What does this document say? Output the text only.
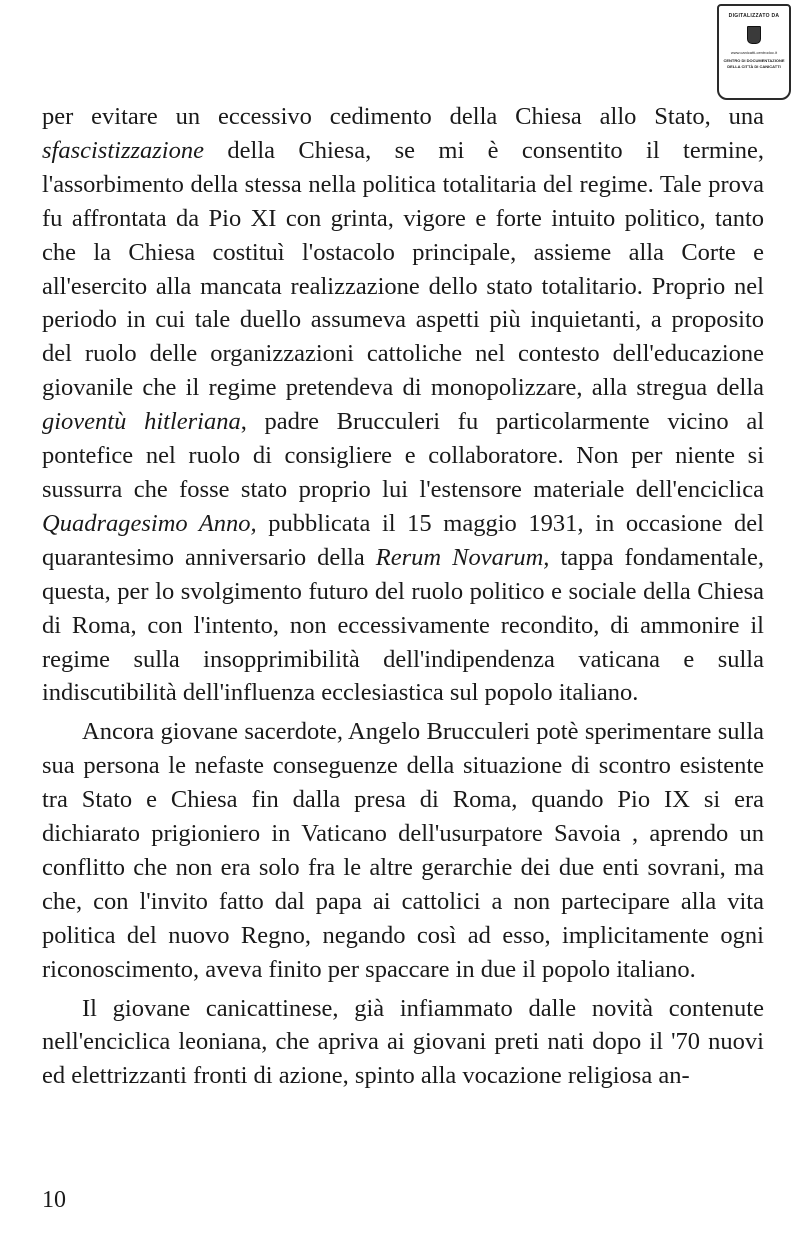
DIGITALIZZATO DA
www.canicatti-centrodoc.it
CENTRO DI DOCUMENTAZIONE
DELLA CITTÀ DI CANICATTI

per evitare un eccessivo cedimento della Chiesa allo Stato, una sfascistizzazione della Chiesa, se mi è consentito il termine, l'assorbimento della stessa nella politica totalitaria del regime. Tale prova fu affrontata da Pio XI con grinta, vigore e forte intuito politico, tanto che la Chiesa costituì l'ostacolo principale, assieme alla Corte e all'esercito alla mancata realizzazione dello stato totalitario. Proprio nel periodo in cui tale duello assumeva aspetti più inquietanti, a proposito del ruolo delle organizzazioni cattoliche nel contesto dell'educazione giovanile che il regime pretendeva di monopolizzare, alla stregua della gioventù hitleriana, padre Brucculeri fu particolarmente vicino al pontefice nel ruolo di consigliere e collaboratore. Non per niente si sussurra che fosse stato proprio lui l'estensore materiale dell'enciclica Quadragesimo Anno, pubblicata il 15 maggio 1931, in occasione del quarantesimo anniversario della Rerum Novarum, tappa fondamentale, questa, per lo svolgimento futuro del ruolo politico e sociale della Chiesa di Roma, con l'intento, non eccessivamente recondito, di ammonire il regime sulla insopprimibilità dell'indipendenza vaticana e sulla indiscutibilità dell'influenza ecclesiastica sul popolo italiano.

Ancora giovane sacerdote, Angelo Brucculeri potè sperimentare sulla sua persona le nefaste conseguenze della situazione di scontro esistente tra Stato e Chiesa fin dalla presa di Roma, quando Pio IX si era dichiarato prigioniero in Vaticano dell'usurpatore Savoia , aprendo un conflitto che non era solo fra le altre gerarchie dei due enti sovrani, ma che, con l'invito fatto dal papa ai cattolici a non partecipare alla vita politica del nuovo Regno, negando così ad esso, implicitamente ogni riconoscimento, aveva finito per spaccare in due il popolo italiano.

Il giovane canicattinese, già infiammato dalle novità contenute nell'enciclica leoniana, che apriva ai giovani preti nati dopo il '70 nuovi ed elettrizzanti fronti di azione, spinto alla vocazione religiosa an-

10
